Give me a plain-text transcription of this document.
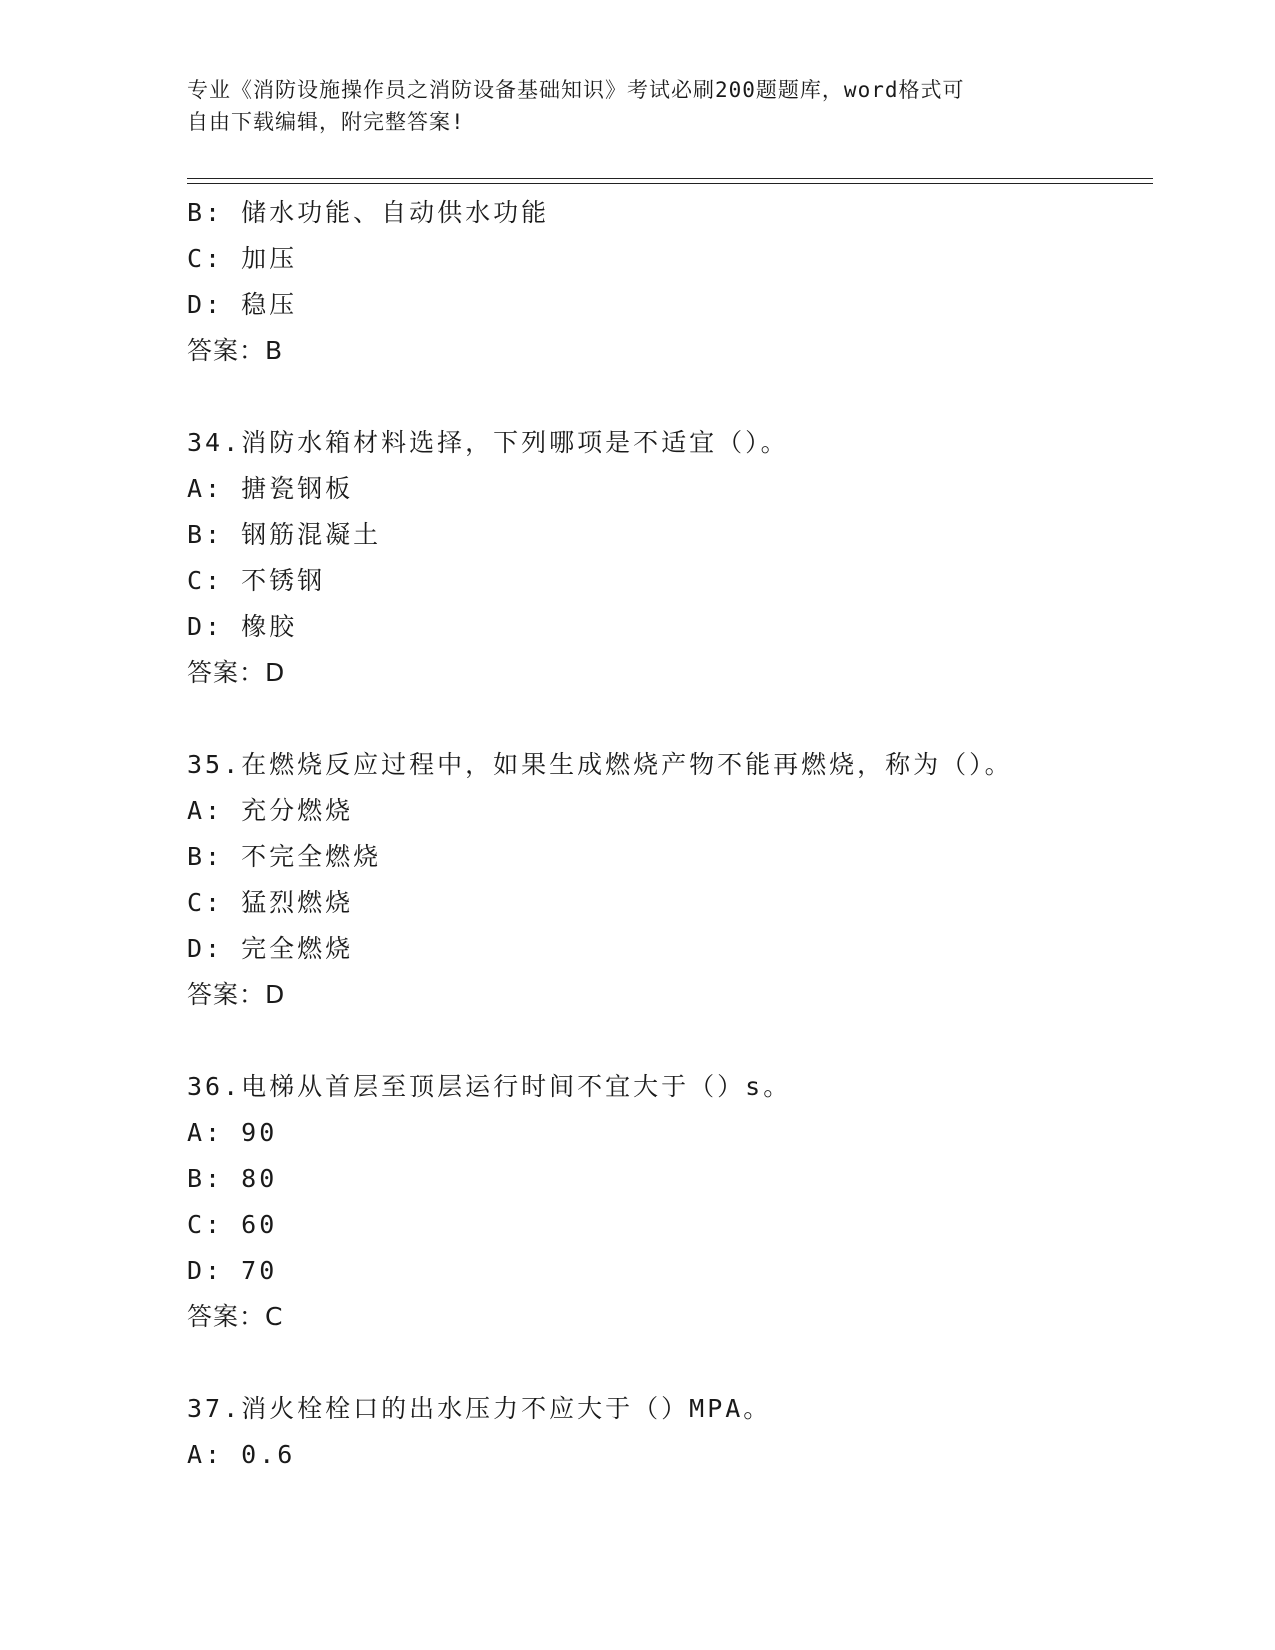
专业《消防设施操作员之消防设备基础知识》考试必刷200题题库，word格式可
自由下载编辑，附完整答案!
B: 储水功能、自动供水功能
C: 加压
D: 稳压
答案：B
34.消防水箱材料选择，下列哪项是不适宜（）。
A: 搪瓷钢板
B: 钢筋混凝土
C: 不锈钢
D: 橡胶
答案：D
35.在燃烧反应过程中，如果生成燃烧产物不能再燃烧，称为（）。
A: 充分燃烧
B: 不完全燃烧
C: 猛烈燃烧
D: 完全燃烧
答案：D
36.电梯从首层至顶层运行时间不宜大于（）s。
A: 90
B: 80
C: 60
D: 70
答案：C
37.消火栓栓口的出水压力不应大于（）MPA。
A: 0.6
